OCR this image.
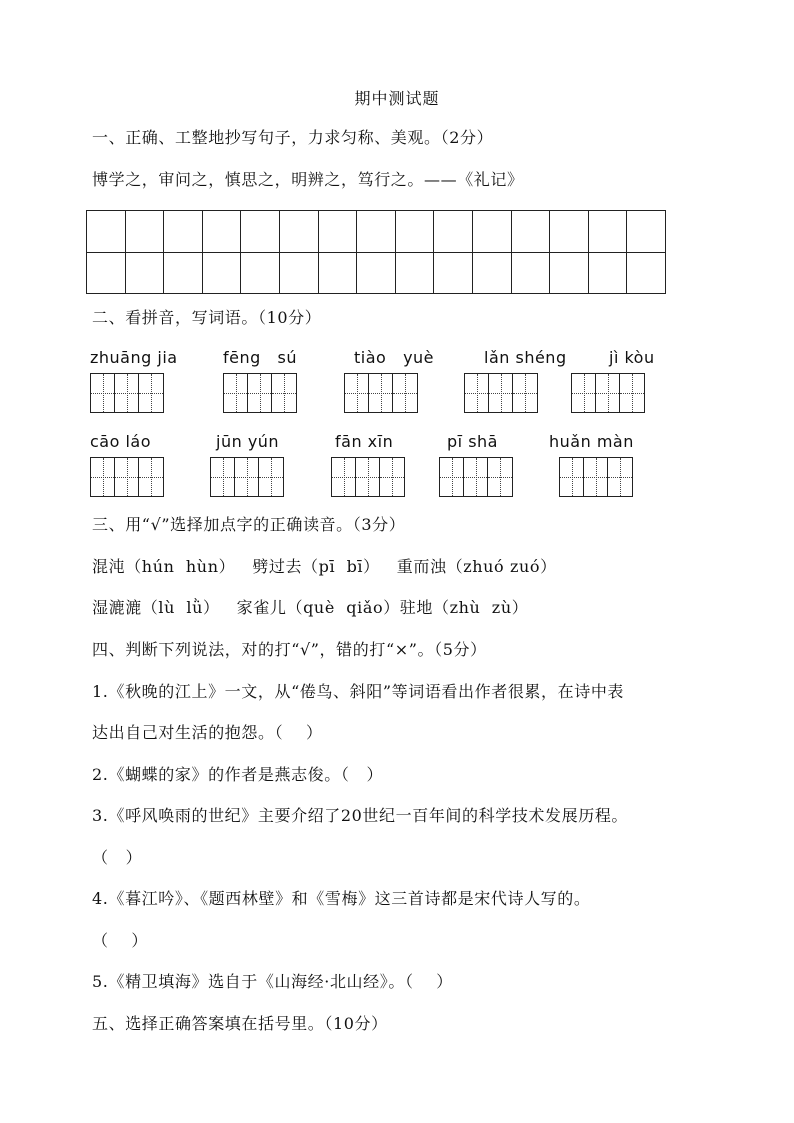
期中测试题
一、正确、工整地抄写句子，力求匀称、美观。（2分）
博学之，审问之，慎思之，明辨之，笃行之。——《礼记》
二、看拼音，写词语。（10分）
zhuāng jia	fēng   sú	tiào   yuè	lǎn shéng	jì kòu
cāo láo	jūn yún	fān xīn	pī shā	huǎn màn
三、用“√”选择加点字的正确读音。（3分）
混沌（hún  hùn）   劈过去（pī  bī）   重而浊（zhuó zuó）
湿漉漉（lù  lǜ）   家雀儿（què  qiǎo）驻地（zhù  zù）
四、判断下列说法，对的打“√”，错的打“×”。（5分）
1.《秋晚的江上》一文，从“倦鸟、斜阳”等词语看出作者很累，在诗中表
达出自己对生活的抱怨。（    ）
2.《蝴蝶的家》的作者是燕志俊。（   ）
3.《呼风唤雨的世纪》主要介绍了20世纪一百年间的科学技术发展历程。
（   ）
4.《暮江吟》、《题西林壁》和《雪梅》这三首诗都是宋代诗人写的。
（    ）
5.《精卫填海》选自于《山海经·北山经》。（    ）
五、选择正确答案填在括号里。（10分）
